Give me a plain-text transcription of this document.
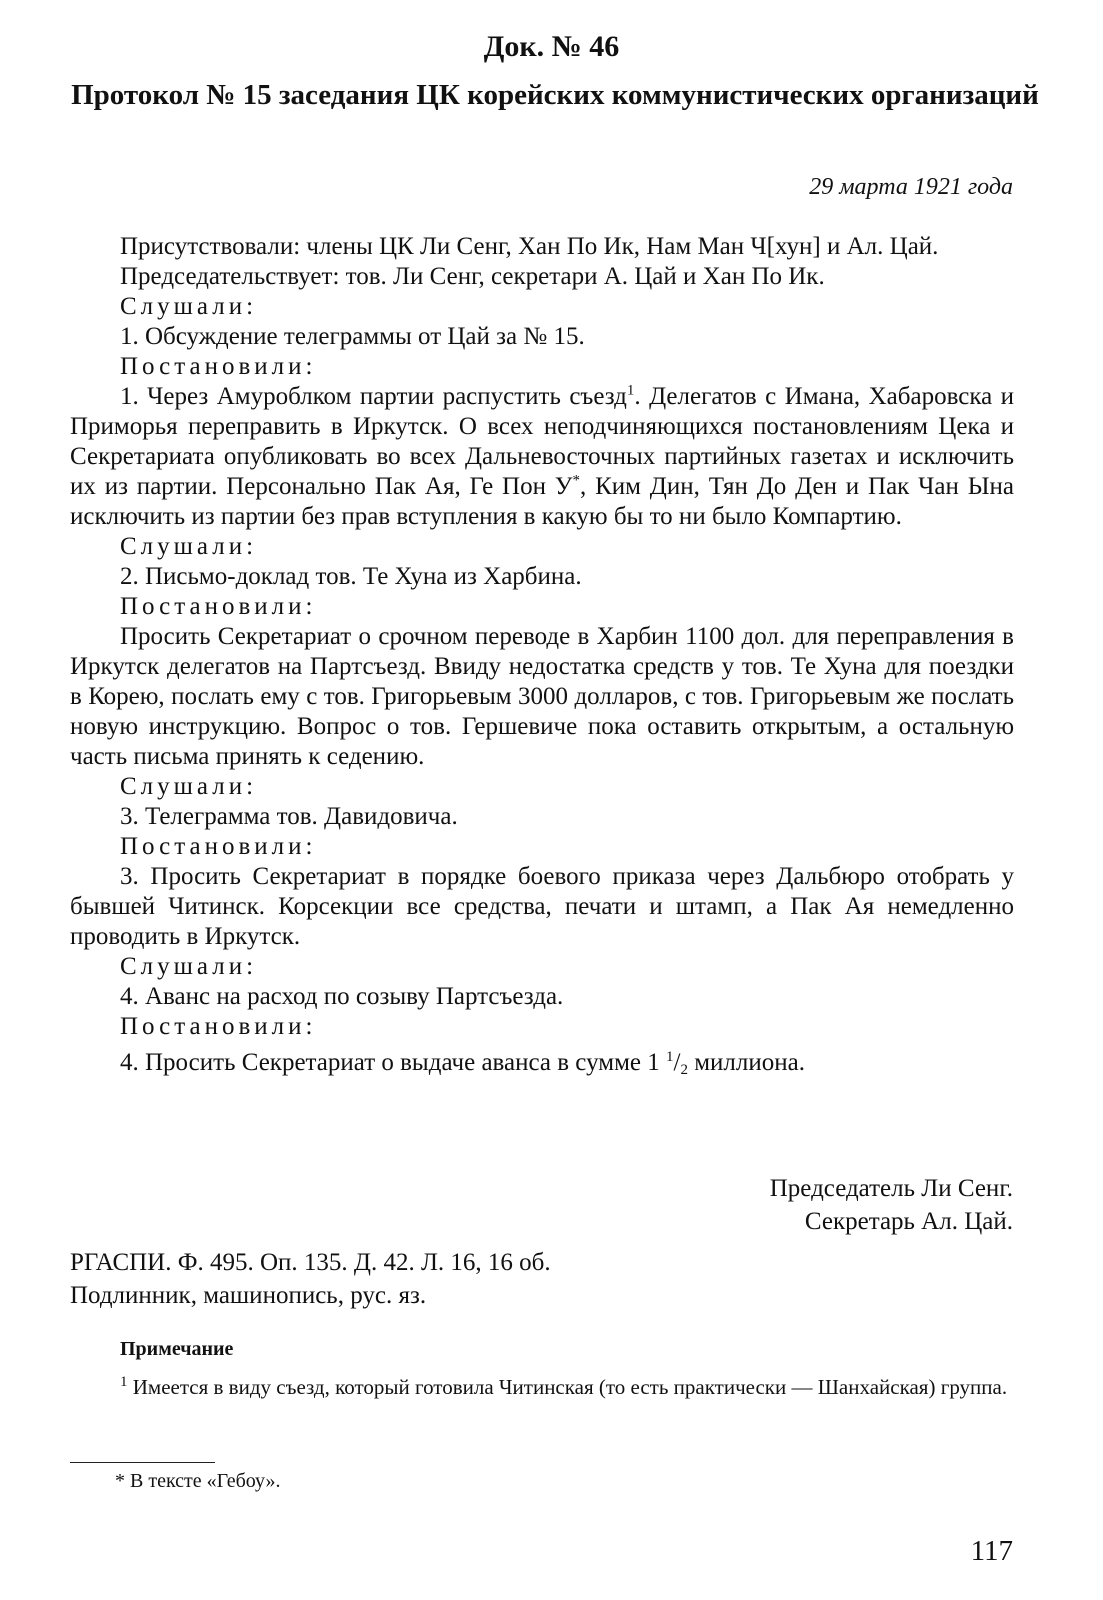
Док. № 46
Протокол № 15 заседания ЦК корейских коммунистических организаций
29 марта 1921 года

Присутствовали: члены ЦК Ли Сенг, Хан По Ик, Нам Ман Ч[хун] и Ал. Цай.

Председательствует: тов. Ли Сенг, секретари А. Цай и Хан По Ик.

Слушали:

1. Обсуждение телеграммы от Цай за № 15.

Постановили:

1. Через Амуроблком партии распустить съезд$^1$. Делегатов с Имана, Хабаровска и Приморья переправить в Иркутск. О всех неподчиняющихся постановлениям Цека и Секретариата опубликовать во всех Дальневосточных партийных газетах и исключить их из партии. Персонально Пак Ая, Ге Пон У*, Ким Дин, Тян До Ден и Пак Чан Ына исключить из партии без прав вступления в какую бы то ни было Компартию.

Слушали:

2. Письмо-доклад тов. Те Хуна из Харбина.

Постановили:

Просить Секретариат о срочном переводе в Харбин 1100 дол. для переправления в Иркутск делегатов на Партсъезд. Ввиду недостатка средств у тов. Те Хуна для поездки в Корею, послать ему с тов. Григорьевым 3000 долларов, с тов. Григорьевым же послать новую инструкцию. Вопрос о тов. Гершевиче пока оставить открытым, а остальную часть письма принять к седению.

Слушали:

3. Телеграмма тов. Давидовича.

Постановили:

3. Просить Секретариат в порядке боевого приказа через Дальбюро отобрать у бывшей Читинск. Корсекции все средства, печати и штамп, а Пак Ая немедленно проводить в Иркутск.

Слушали:

4. Аванс на расход по созыву Партсъезда.

Постановили:

4. Просить Секретариат о выдаче аванса в сумме 1 $^1$/2 миллиона.

Председатель Ли Сенг.
Секретарь Ал. Цай.
РГАСПИ. Ф. 495. Оп. 135. Д. 42. Л. 16, 16 об.
Подлинник, машинопись, рус. яз.
Примечание

$^1$ Имеется в виду съезд, который готовила Читинская (то есть практически — Шанхайская) группа.

* В тексте «Гебоу».
117
